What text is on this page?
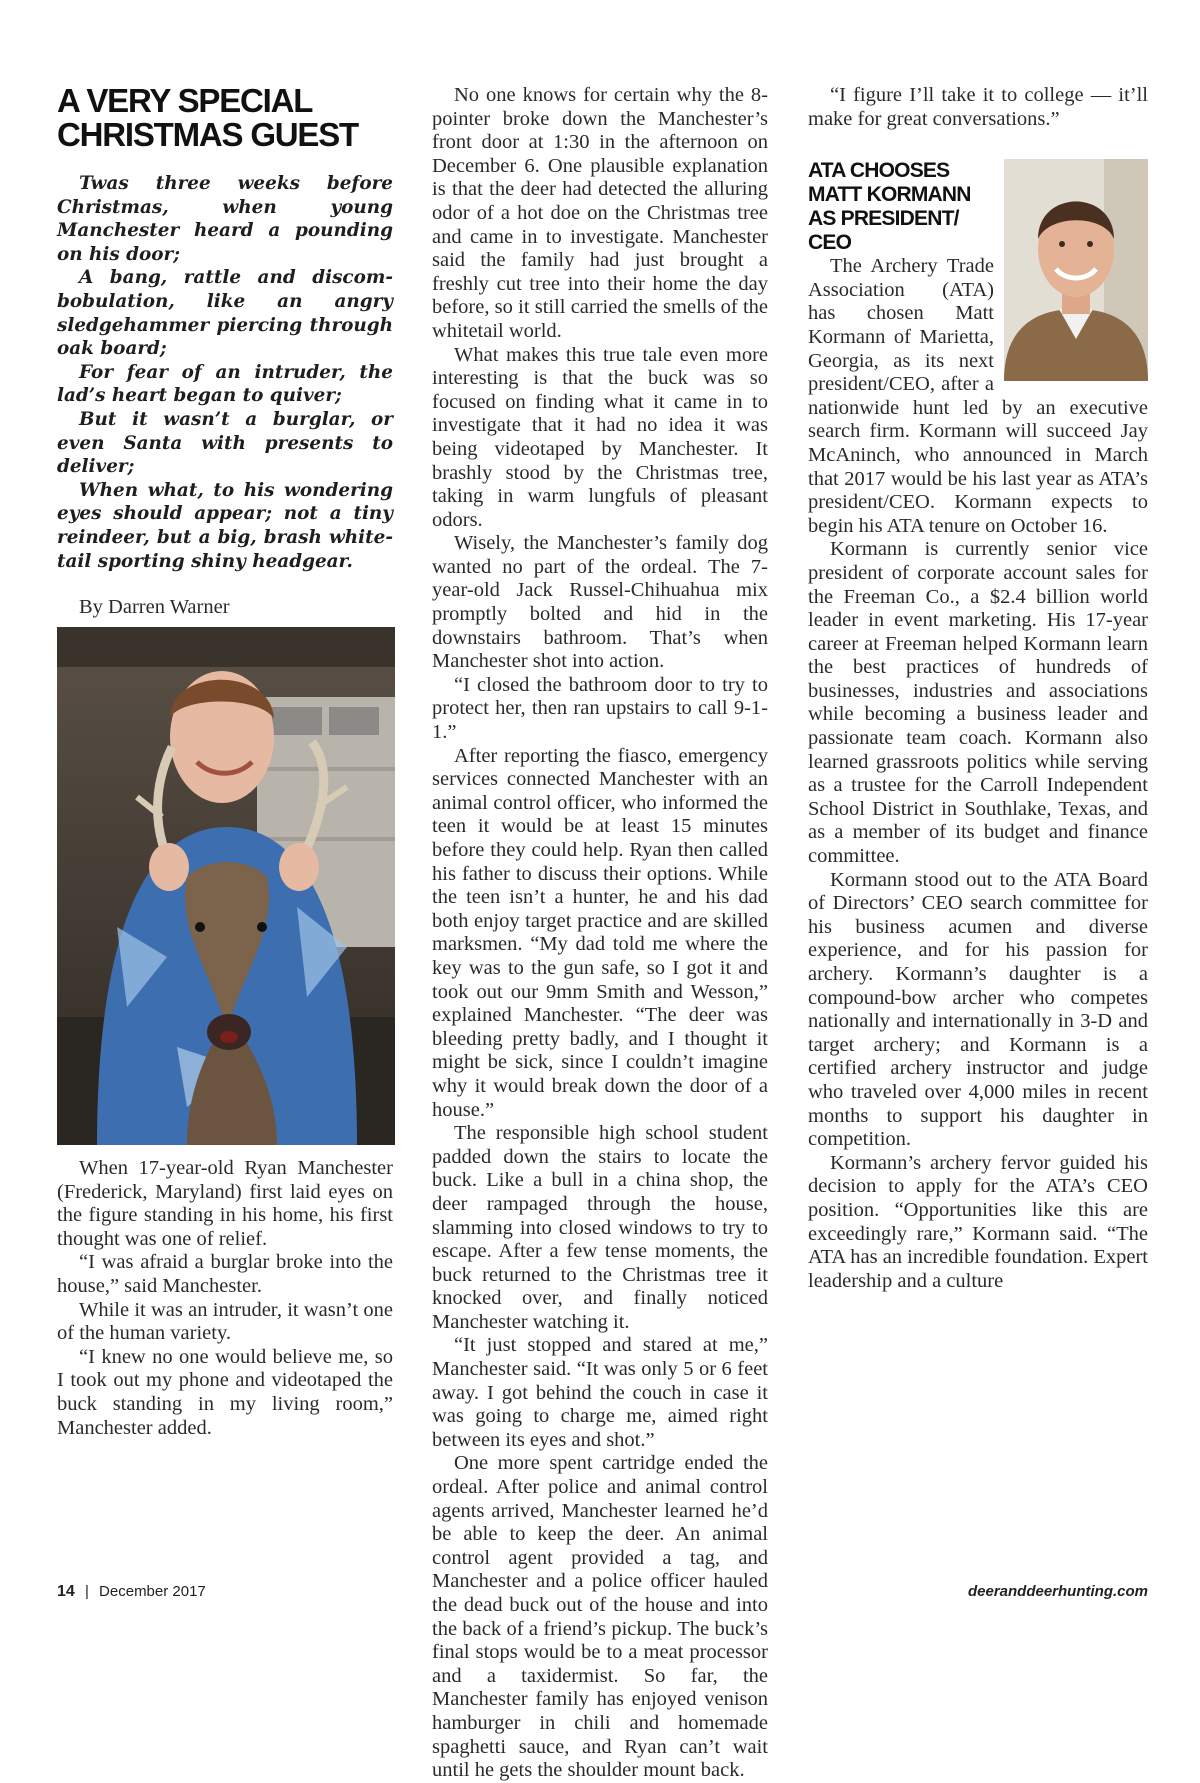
A VERY SPECIAL CHRISTMAS GUEST

Twas three weeks before Christmas, when young Manchester heard a pounding on his door;

A bang, rattle and discombobulation, like an angry sledgehammer piercing through oak board;

For fear of an intruder, the lad’s heart began to quiver;

But it wasn’t a burglar, or even Santa with presents to deliver;

When what, to his wondering eyes should appear; not a tiny reindeer, but a big, brash whitetail sporting shiny headgear.

By Darren Warner

When 17-year-old Ryan Manchester (Frederick, Maryland) first laid eyes on the figure standing in his home, his first thought was one of relief.

“I was afraid a burglar broke into the house,” said Manchester.

While it was an intruder, it wasn’t one of the human variety.

“I knew no one would believe me, so I took out my phone and videotaped the buck standing in my living room,” Manchester added.

No one knows for certain why the 8-pointer broke down the Manchester’s front door at 1:30 in the afternoon on December 6. One plausible explanation is that the deer had detected the alluring odor of a hot doe on the Christmas tree and came in to investigate. Manchester said the family had just brought a freshly cut tree into their home the day before, so it still carried the smells of the whitetail world.

What makes this true tale even more interesting is that the buck was so focused on finding what it came in to investigate that it had no idea it was being videotaped by Manchester. It brashly stood by the Christmas tree, taking in warm lungfuls of pleasant odors.

Wisely, the Manchester’s family dog wanted no part of the ordeal. The 7-year-old Jack Russel-Chihuahua mix promptly bolted and hid in the downstairs bathroom. That’s when Manchester shot into action.

“I closed the bathroom door to try to protect her, then ran upstairs to call 9-1-1.”

After reporting the fiasco, emergency services connected Manchester with an animal control officer, who informed the teen it would be at least 15 minutes before they could help. Ryan then called his father to discuss their options. While the teen isn’t a hunter, he and his dad both enjoy target practice and are skilled marksmen. “My dad told me where the key was to the gun safe, so I got it and took out our 9mm Smith and Wesson,” explained Manchester. “The deer was bleeding pretty badly, and I thought it might be sick, since I couldn’t imagine why it would break down the door of a house.”

The responsible high school student padded down the stairs to locate the buck. Like a bull in a china shop, the deer rampaged through the house, slamming into closed windows to try to escape. After a few tense moments, the buck returned to the Christmas tree it knocked over, and finally noticed Manchester watching it.

“It just stopped and stared at me,” Manchester said. “It was only 5 or 6 feet away. I got behind the couch in case it was going to charge me, aimed right between its eyes and shot.”

One more spent cartridge ended the ordeal. After police and animal control agents arrived, Manchester learned he’d be able to keep the deer. An animal control agent provided a tag, and Manchester and a police officer hauled the dead buck out of the house and into the back of a friend’s pickup. The buck’s final stops would be to a meat processor and a taxidermist. So far, the Manchester family has enjoyed venison hamburger in chili and homemade spaghetti sauce, and Ryan can’t wait until he gets the shoulder mount back.

“I figure I’ll take it to college — it’ll make for great conversations.”

ATA CHOOSES MATT KORMANN AS PRESIDENT/ CEO

The Archery Trade Association (ATA) has chosen Matt Kormann of Marietta, Georgia, as its next president/CEO, after a nationwide hunt led by an executive search firm. Kormann will succeed Jay McAninch, who announced in March that 2017 would be his last year as ATA’s president/CEO. Kormann expects to begin his ATA tenure on October 16.

Kormann is currently senior vice president of corporate account sales for the Freeman Co., a $2.4 billion world leader in event marketing. His 17-year career at Freeman helped Kormann learn the best practices of hundreds of businesses, industries and associations while becoming a business leader and passionate team coach. Kormann also learned grassroots politics while serving as a trustee for the Carroll Independent School District in Southlake, Texas, and as a member of its budget and finance committee.

Kormann stood out to the ATA Board of Directors’ CEO search committee for his business acumen and diverse experience, and for his passion for archery. Kormann’s daughter is a compound-bow archer who competes nationally and internationally in 3-D and target archery; and Kormann is a certified archery instructor and judge who traveled over 4,000 miles in recent months to support his daughter in competition.

Kormann’s archery fervor guided his decision to apply for the ATA’s CEO position. “Opportunities like this are exceedingly rare,” Kormann said. “The ATA has an incredible foundation. Expert leadership and a culture

14 | December 2017	deeranddeerhunting.com
